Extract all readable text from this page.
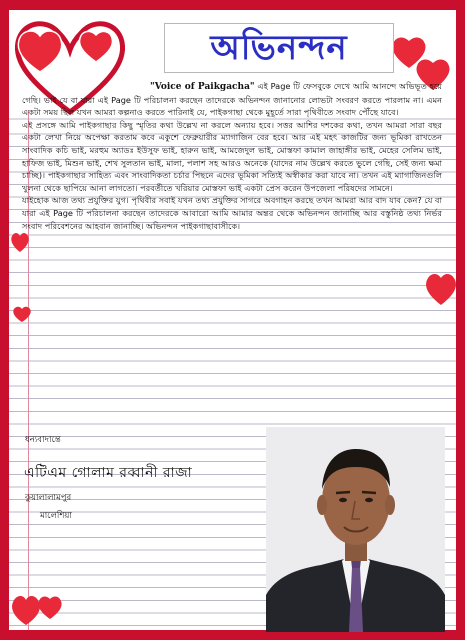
অভিনন্দন

"Voice of Paikgacha" এই Page টি ফেসবুকে দেখে আমি আনন্দে অভিভূত হয়ে গেছি। ভাই যে বা যারা এই Page টি পরিচালনা করছেন তাদেরকে অভিনন্দন জানানোর লোভটা সংবরণ করতে পারলাম না। এমন একটা সময় ছিল যখন আমরা কল্পনাও করতে পারিনাই যে, পাইকগাছা থেকে মুহূর্তে সারা পৃথিবীতে সংবাদ পৌঁছে যাবে।

এই প্রসঙ্গে আমি পাইকগাছার কিছু স্মৃতির কথা উল্লেখ না করলে অন্যায় হবে। সত্তর আশির দশকের কথা, তখন আমরা সারা বছর একটা লেখা নিয়ে অপেক্ষা করতাম কবে একুশে ফেব্রুয়ারীর ম্যাগাজিন বের হবে। আর এই মহৎ কাজটির জন্য ভূমিকা রাখতেন সাংবাদিক কচি ভাই, মরহুম অ্যাডঃ ইউসুফ ভাই, হারুন ভাই, আমজেদুল ভাই, মোস্তফা কামাল জাহাঙ্গীর ভাই, মেহের সেলিম ভাই, হাফিজ ভাই, মিশুন ভাই, শেখ সুলতান ভাই, মালা, পলাশ সহ আরও অনেকে (যাদের নাম উল্লেখ করতে ভুলে গেছি, সেই জন্য ক্ষমা চাচ্ছি)। পাইকগাছার সাহিত্য এবং সাংবাদিকতা চর্চার পিছনে এদের ভূমিকা সত্যিই অস্বীকার করা যাবে না। তখন এই ম্যাগাজিনগুলি খুলনা থেকে ছাপিয়ে আনা লাগতো। পরবর্তীতে খরিয়ার মোস্তফা ভাই একটা প্রেস করেন উপজেলা পরিষদের সামনে।

যাইহোক আজ তথ্য প্রযুক্তির যুগ। পৃথিবীর সবাই যখন তথ্য প্রযুক্তির সাগরে অবগাহন করছে তখন আমরা আর বাদ যাব কেন? যে বা যারা এই Page টি পরিচালনা করছেন তাদেরকে আবারো আমি আমার অন্তর থেকে অভিনন্দন জানাচ্ছি আর বস্তুনিষ্ঠ তথ্য নির্ভর সংবাদ পরিবেশনের আহবান জানাচ্ছি। অভিনন্দন পাইকগাছাবাসীকে।

ধন্যবাদান্তে
এটিএম গোলাম রব্বানী রাজা
কুয়ালালামপুর
মালেশিয়া
